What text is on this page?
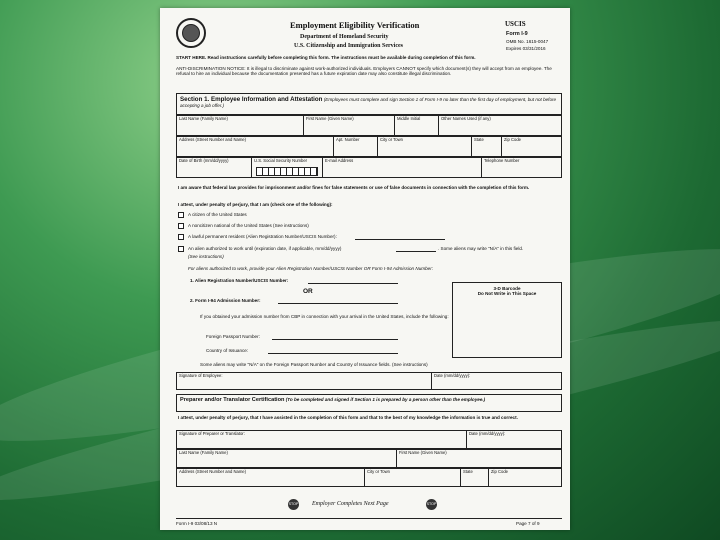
Employment Eligibility Verification
Department of Homeland Security
U.S. Citizenship and Immigration Services
USCIS
Form I-9
OMB No. 1615-0047
Expires 03/31/2016
START HERE. Read instructions carefully before completing this form. The instructions must be available during completion of this form.
ANTI-DISCRIMINATION NOTICE: It is illegal to discriminate against work-authorized individuals. Employers CANNOT specify which document(s) they will accept from an employee. The refusal to hire an individual because the documentation presented has a future expiration date may also constitute illegal discrimination.
Section 1. Employee Information and Attestation (Employees must complete and sign Section 1 of Form I-9 no later than the first day of employment, but not before accepting a job offer.)
Last Name (Family Name)	First Name (Given Name)	Middle Initial	Other Names Used (if any)
Address (Street Number and Name)	Apt. Number	City or Town	State	Zip Code
Date of Birth (mm/dd/yyyy)	U.S. Social Security Number	E-mail Address	Telephone Number
I am aware that federal law provides for imprisonment and/or fines for false statements or use of false documents in connection with the completion of this form.
I attest, under penalty of perjury, that I am (check one of the following):
A citizen of the United States
A noncitizen national of the United States (See instructions)
A lawful permanent resident (Alien Registration Number/USCIS Number):
An alien authorized to work until (expiration date, if applicable, mm/dd/yyyy)	. Some aliens may write "N/A" in this field.
(See instructions)
For aliens authorized to work, provide your Alien Registration Number/USCIS Number OR Form I-94 Admission Number:
1. Alien Registration Number/USCIS Number:
OR
2. Form I-94 Admission Number:
3-D Barcode
Do Not Write in This Space
If you obtained your admission number from CBP in connection with your arrival in the United States, include the following:
Foreign Passport Number:
Country of Issuance:
Some aliens may write "N/A" on the Foreign Passport Number and Country of Issuance fields. (See instructions)
Signature of Employee:	Date (mm/dd/yyyy):
Preparer and/or Translator Certification (To be completed and signed if Section 1 is prepared by a person other than the employee.)
I attest, under penalty of perjury, that I have assisted in the completion of this form and that to the best of my knowledge the information is true and correct.
Signature of Preparer or Translator:	Date (mm/dd/yyyy):
Last Name (Family Name)	First Name (Given Name)
Address (Street Number and Name)	City or Town	State	Zip Code
STOP Employer Completes Next Page	STOP
Form I-9 03/08/13 N	Page 7 of 9
